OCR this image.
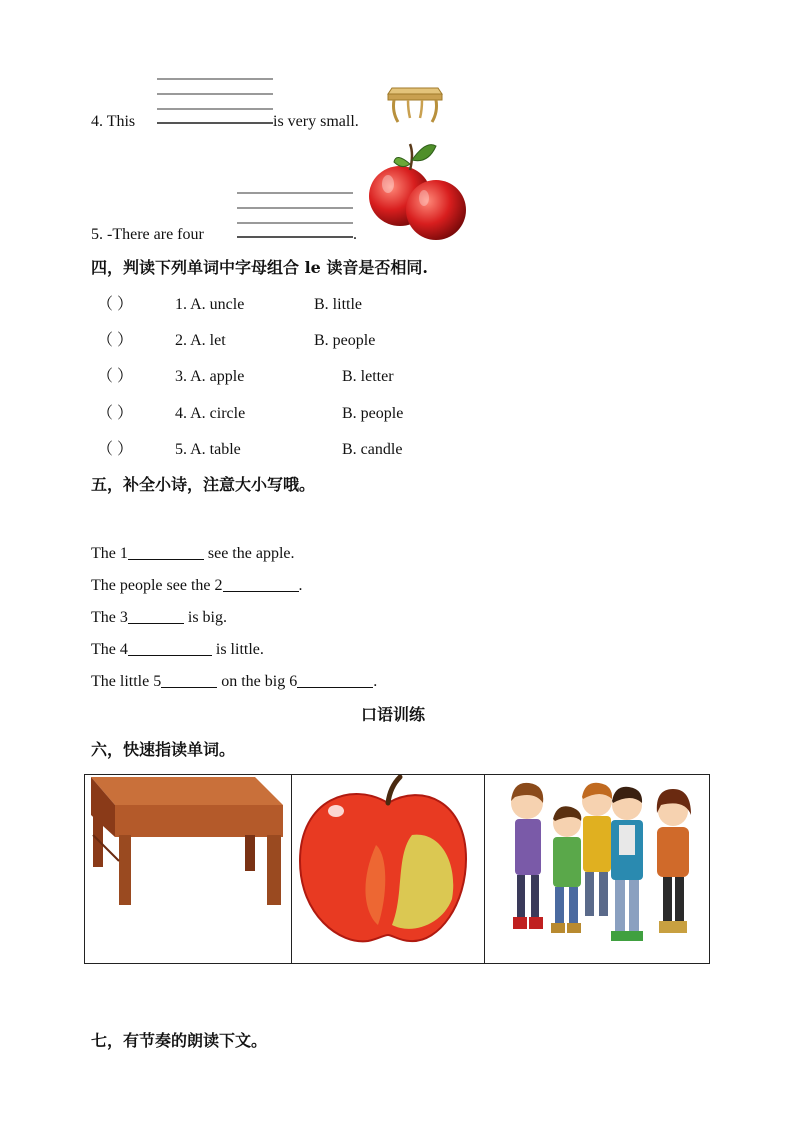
4. This	is very small.
5. -There are four	.
四，判读下列单词中字母组合 le 读音是否相同.
（ ）	1. A. uncle	B. little
（ ）	2. A. let	B. people
（ ）	3. A. apple	B. letter
（ ）	4. A. circle	B. people
（ ）	5. A. table	B. candle
五，补全小诗，注意大小写哦。
The 1	see the apple.
The people see the 2	.
The 3	is big.
The 4	is little.
The little 5	on the big 6	.
口语训练
六，快速指读单词。
七，有节奏的朗读下文。
